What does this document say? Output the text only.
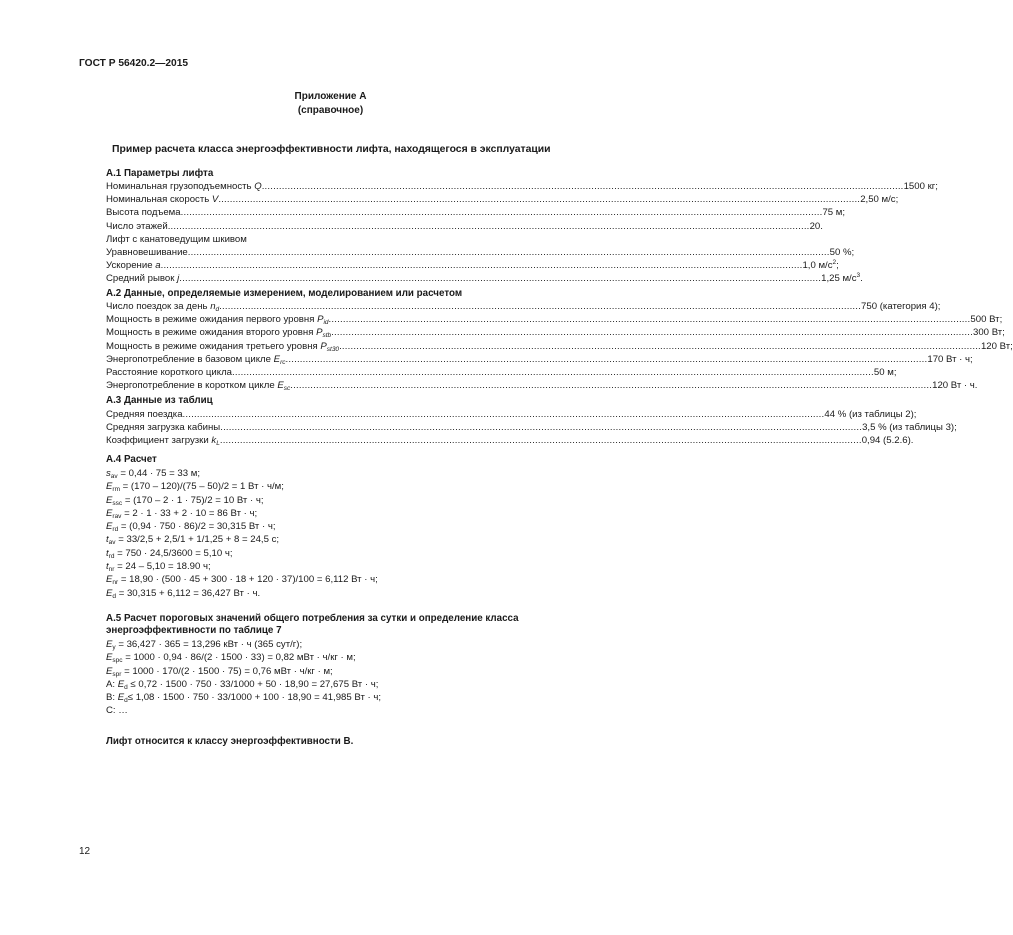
ГОСТ Р 56420.2—2015
Приложение А
(справочное)
Пример расчета класса энергоэффективности лифта, находящегося в эксплуатации
А.1 Параметры лифта
Номинальная грузоподъемность Q .....	1500 кг;
Номинальная скорость V .....	2,50 м/с;
Высота подъема .....	75 м;
Число этажей .....	20.
Лифт с канатоведущим шкивом
Уравновешивание .....	50 %;
Ускорение a .....	1,0 $м/с^2$;
Средний рывок j .....	1,25 $м/с^3$.
А.2 Данные, определяемые измерением, моделированием или расчетом
Число поездок за день $n_d$ .....	750 (категория 4);
Мощность в режиме ожидания первого уровня $P_{id}$ .....	500 Вт;
Мощность в режиме ожидания второго уровня $P_{stb}$ .....	300 Вт;
Мощность в режиме ожидания третьего уровня $P_{st30}$ .....	120 Вт;
Энергопотребление в базовом цикле $E_{rc}$ .....	170 Вт · ч;
Расстояние короткого цикла .....	50 м;
Энергопотребление в коротком цикле $E_{sc}$ .....	120 Вт · ч.
А.3 Данные из таблиц
Средняя поездка .....	44 % (из таблицы 2);
Средняя загрузка кабины .....	3,5 % (из таблицы 3);
Коэффициент загрузки $k_L$ .....	0,94 (5.2.6).
А.4 Расчет
$s_{av} = 0,44 \cdot 75 = 33$ м;
$E_{rm} = (170 - 120)/(75 - 50)/2 = 1$ Вт · ч/м;
$E_{ssc} = (170 - 2 \cdot 1 \cdot 75)/2 = 10$ Вт · ч;
$E_{rav} = 2 \cdot 1 \cdot 33 + 2 \cdot 10 = 86$ Вт · ч;
$E_{rd} = (0,94 \cdot 750 \cdot 86)/2 = 30,315$ Вт · ч;
$t_{av} = 33/2,5 + 2,5/1 + 1/1,25 + 8 = 24,5$ с;
$t_{rd} = 750 \cdot 24,5/3600 = 5,10$ ч;
$t_{nr} = 24 - 5,10 = 18.90$ ч;
$E_{nr} = 18,90 \cdot (500 \cdot 45 + 300 \cdot 18 + 120 \cdot 37)/100 = 6,112$ Вт · ч;
$E_d = 30,315 + 6,112 = 36,427$ Вт · ч.
А.5 Расчет пороговых значений общего потребления за сутки и определение класса
энергоэффективности по таблице 7
$E_y = 36,427 \cdot 365 = 13,296$ кВт · ч (365 сут/г);
$E_{spc} = 1000 \cdot 0,94 \cdot 86/(2 \cdot 1500 \cdot 33) = 0,82$ мВт · ч/кг · м;
$E_{spr} = 1000 \cdot 170/(2 \cdot 1500 \cdot 75) = 0,76$ мВт · ч/кг · м;
А: $E_d \le 0,72 \cdot 1500 \cdot 750 \cdot 33/1000 + 50 \cdot 18,90 = 27,675$ Вт · ч;
В: $E_d\le 1,08 \cdot 1500 \cdot 750 \cdot 33/1000 + 100 \cdot 18,90 = 41,985$ Вт · ч;
С: …
Лифт относится к классу энергоэффективности В.
12
